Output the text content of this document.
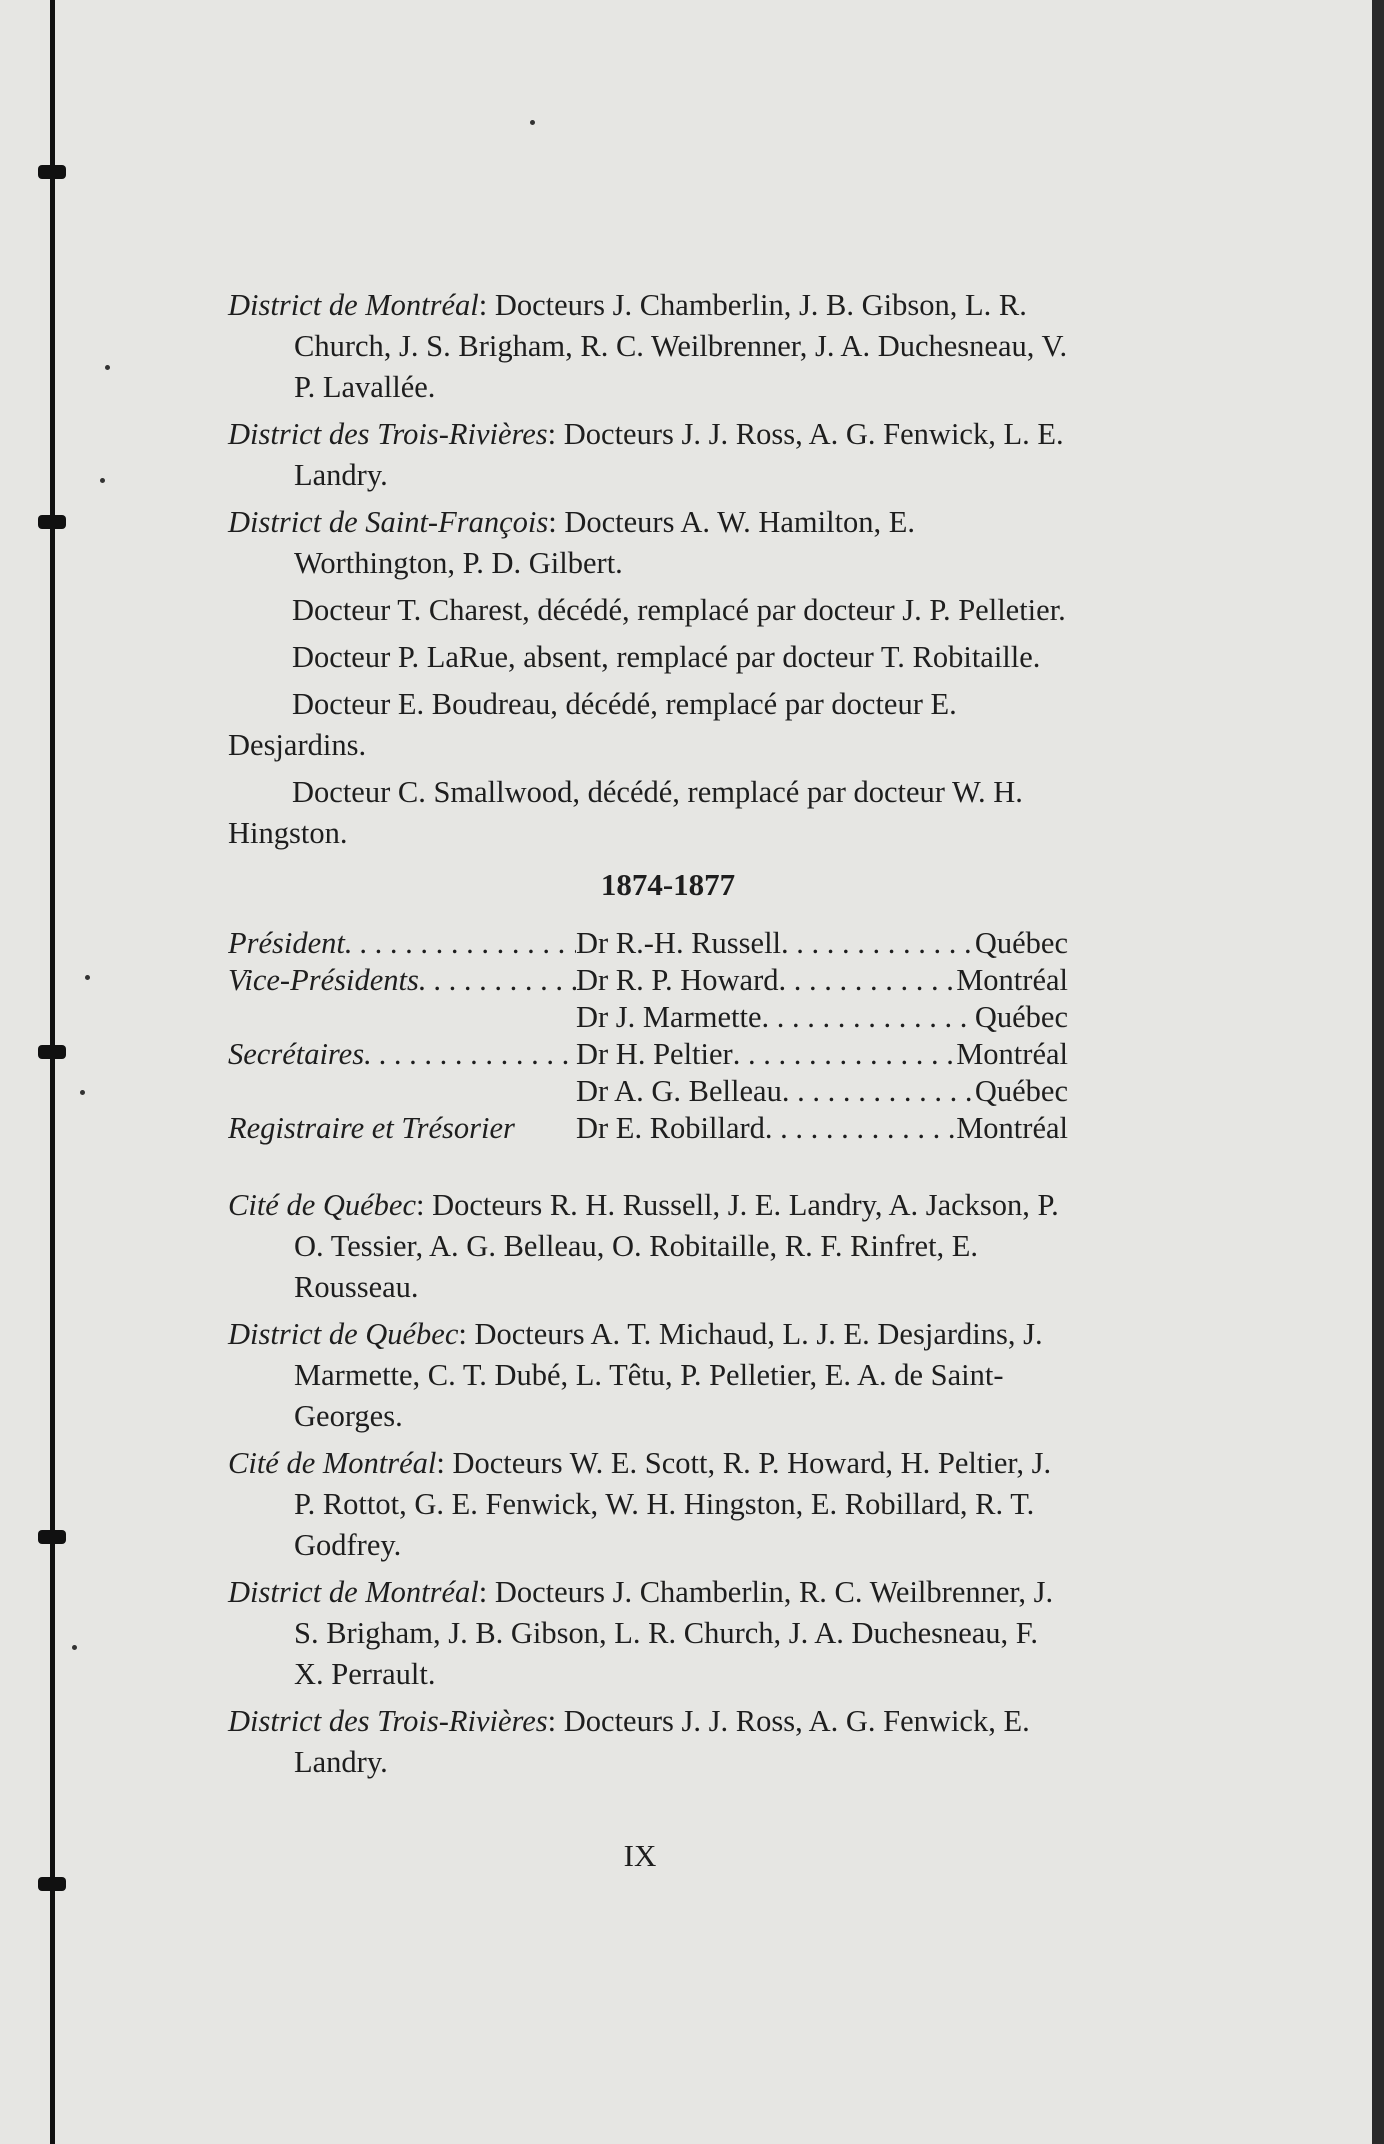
District de Montréal: Docteurs J. Chamberlin, J. B. Gibson, L. R. Church, J. S. Brigham, R. C. Weilbrenner, J. A. Duchesneau, V. P. Lavallée.

District des Trois-Rivières: Docteurs J. J. Ross, A. G. Fenwick, L. E. Landry.

District de Saint-François: Docteurs A. W. Hamilton, E. Worthington, P. D. Gilbert.

Docteur T. Charest, décédé, remplacé par docteur J. P. Pelletier.

Docteur P. LaRue, absent, remplacé par docteur T. Robitaille.

Docteur E. Boudreau, décédé, remplacé par docteur E. Desjardins.

Docteur C. Smallwood, décédé, remplacé par docteur W. H. Hingston.

1874-1877

Président . . .	Dr R.-H. Russell . . .	Québec
Vice-Présidents . . .	Dr R. P. Howard . . .	Montréal
Dr J. Marmette . . .	Québec
Secrétaires . . .	Dr H. Peltier . . .	Montréal
Dr A. G. Belleau . . .	Québec
Registraire et Trésorier Dr E. Robillard . . .	Montréal

Cité de Québec: Docteurs R. H. Russell, J. E. Landry, A. Jackson, P. O. Tessier, A. G. Belleau, O. Robitaille, R. F. Rinfret, E. Rousseau.

District de Québec: Docteurs A. T. Michaud, L. J. E. Desjardins, J. Marmette, C. T. Dubé, L. Têtu, P. Pelletier, E. A. de Saint-Georges.

Cité de Montréal: Docteurs W. E. Scott, R. P. Howard, H. Peltier, J. P. Rottot, G. E. Fenwick, W. H. Hingston, E. Robillard, R. T. Godfrey.

District de Montréal: Docteurs J. Chamberlin, R. C. Weilbrenner, J. S. Brigham, J. B. Gibson, L. R. Church, J. A. Duchesneau, F. X. Perrault.

District des Trois-Rivières: Docteurs J. J. Ross, A. G. Fenwick, E. Landry.

IX
